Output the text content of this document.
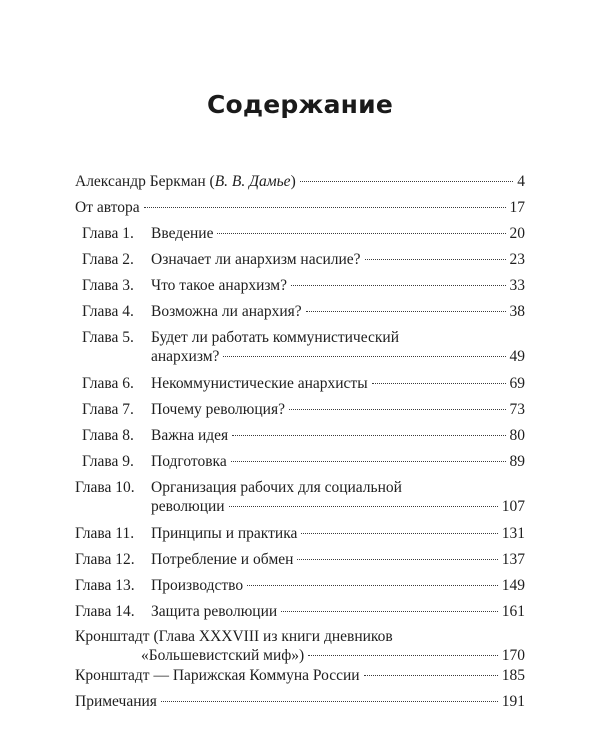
Содержание
Александр Беркман (В. В. Дамье)	4
От автора	17
Глава 1.	Введение	20
Глава 2.	Означает ли анархизм насилие?	23
Глава 3.	Что такое анархизм?	33
Глава 4.	Возможна ли анархия?	38
Глава 5.	Будет ли работать коммунистический
анархизм?	49
Глава 6.	Некоммунистические анархисты	69
Глава 7.	Почему революция?	73
Глава 8.	Важна идея	80
Глава 9.	Подготовка	89
Глава 10.	Организация рабочих для социальной
революции	107
Глава 11.	Принципы и практика	131
Глава 12.	Потребление и обмен	137
Глава 13.	Производство	149
Глава 14.	Защита революции	161
Кронштадт (Глава XXXVIII из книги дневников
«Большевистский миф»)	170
Кронштадт — Парижская Коммуна России	185
Примечания	191
